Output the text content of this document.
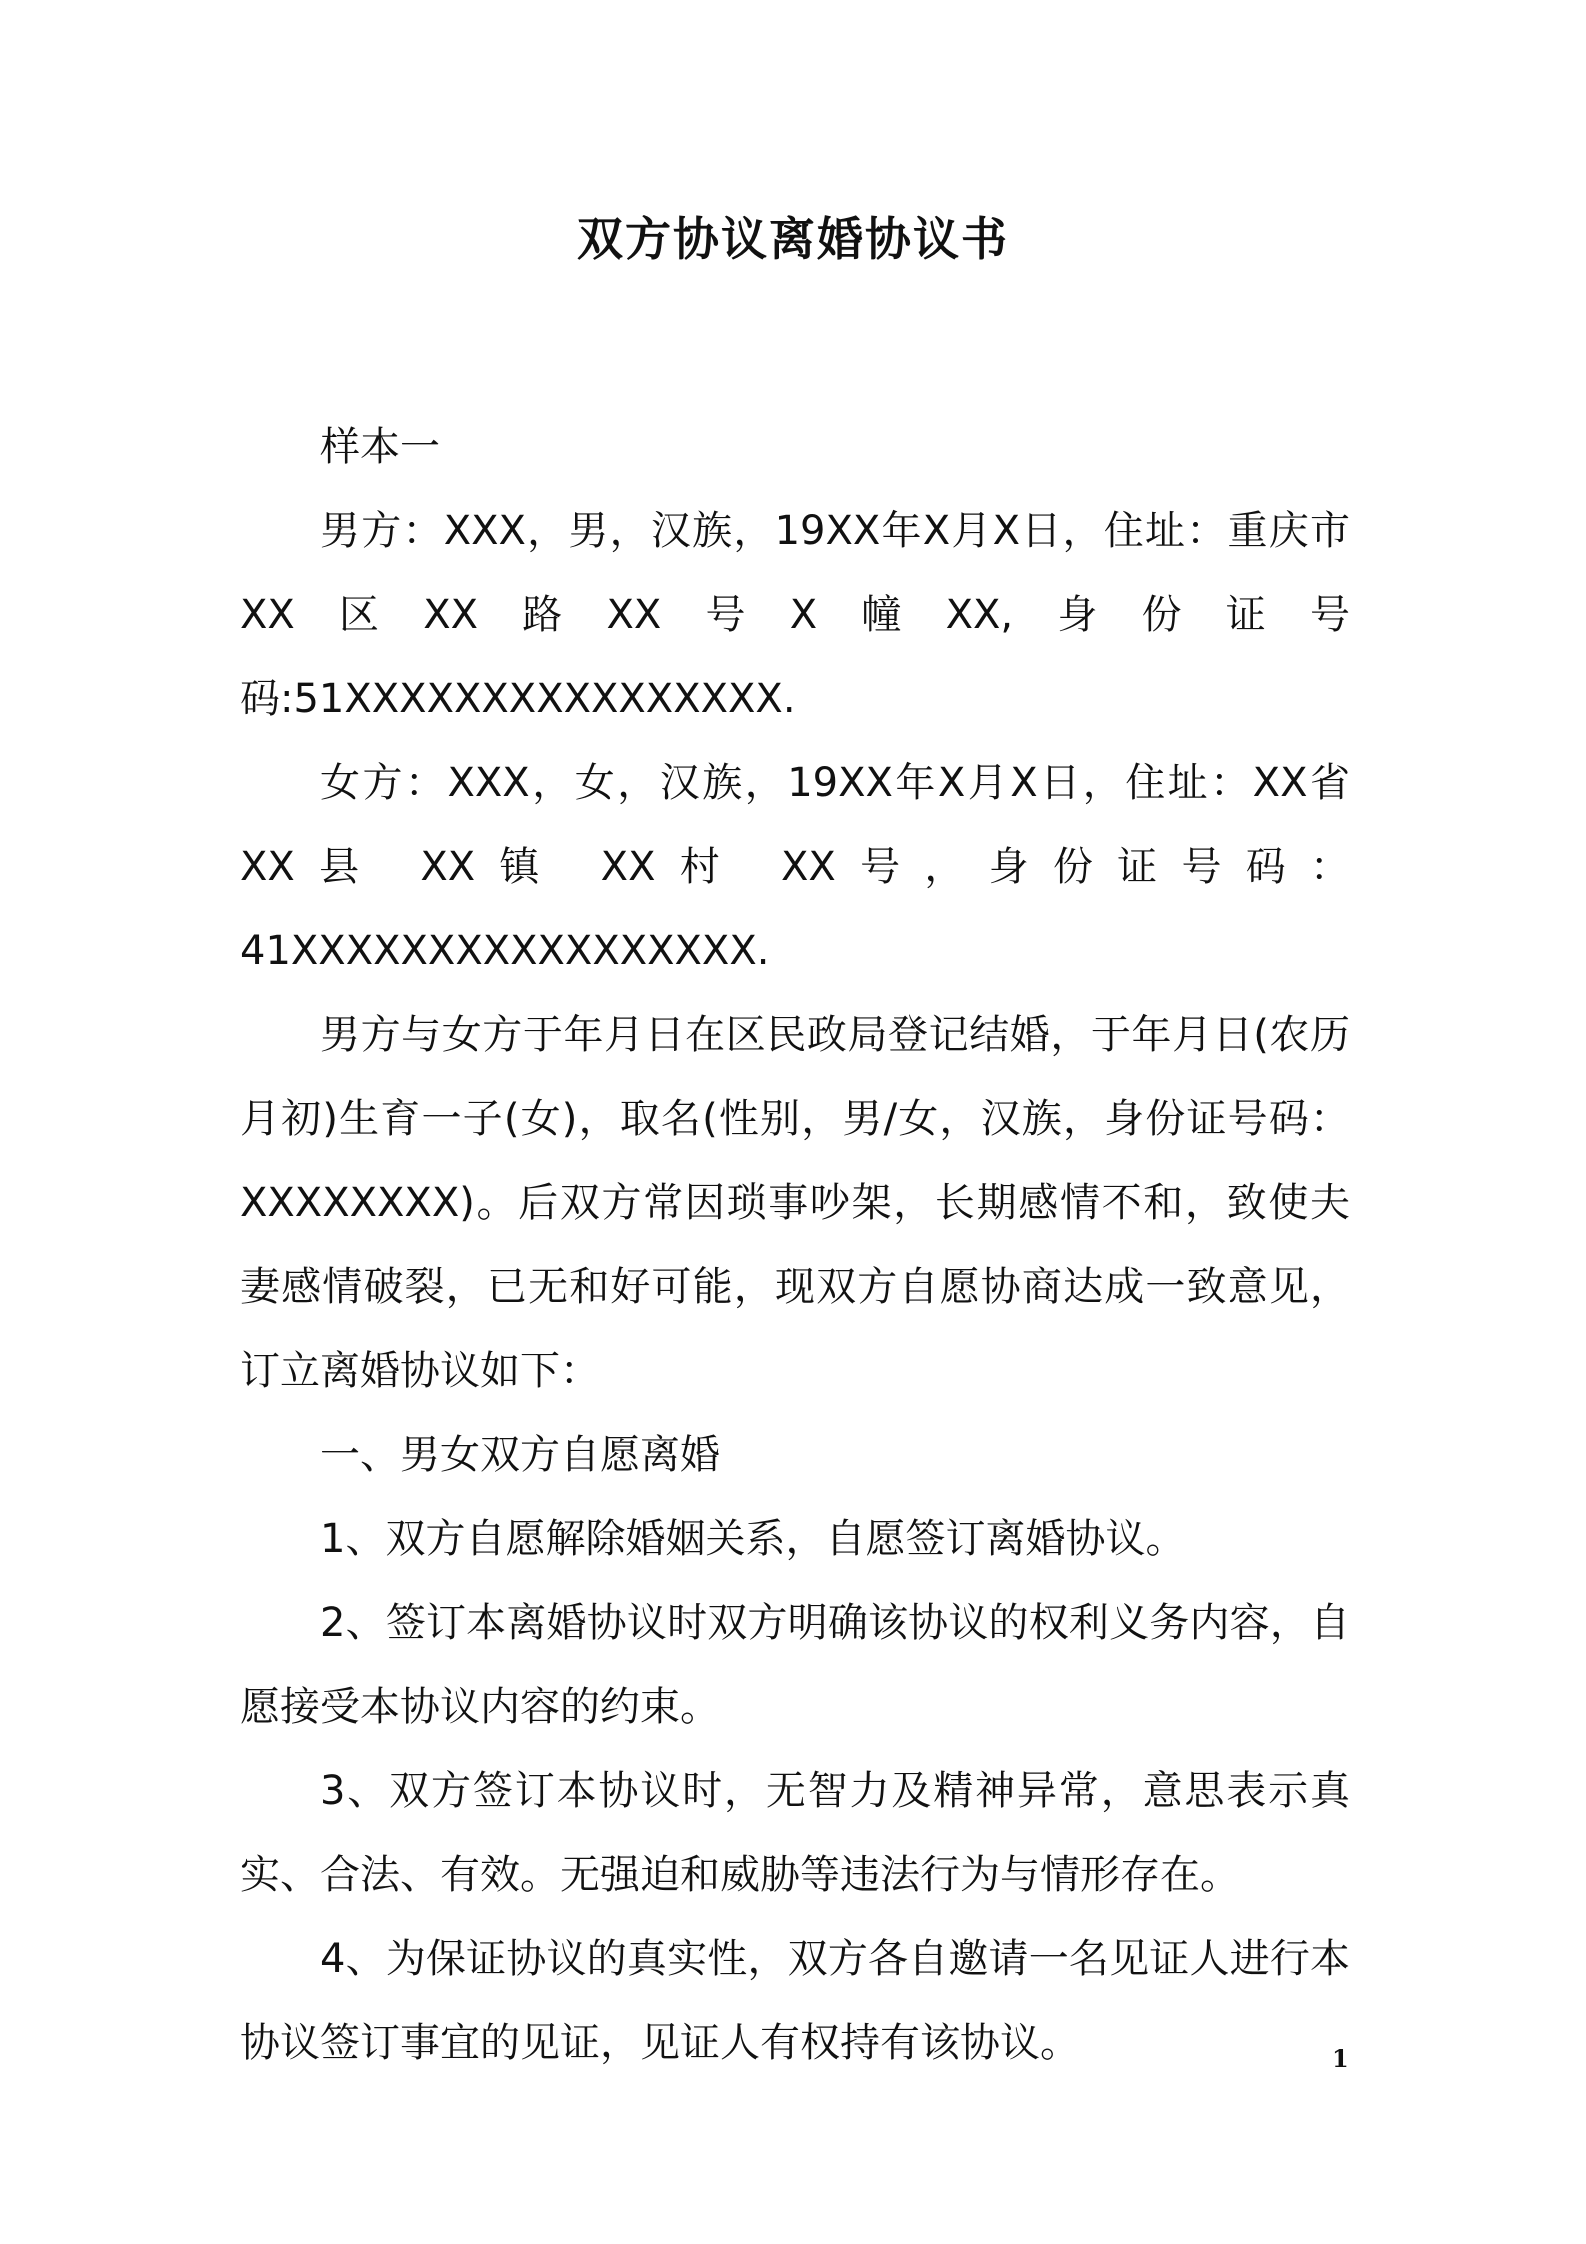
双方协议离婚协议书

样本一

男方：XXX，男，汉族，19XX年X月X日，住址：重庆市XX区XX路XX号X幢XX,身份证号码:51XXXXXXXXXXXXXXXX.

女方：XXX，女，汉族，19XX年X月X日，住址：XX省XX县 XX镇 XX村 XX号，身份证号码：41XXXXXXXXXXXXXXXXX.

男方与女方于年月日在区民政局登记结婚，于年月日(农历月初)生育一子(女)，取名(性别，男/女，汉族，身份证号码：XXXXXXXX)。后双方常因琐事吵架，长期感情不和，致使夫妻感情破裂，已无和好可能，现双方自愿协商达成一致意见，订立离婚协议如下：

一、男女双方自愿离婚

1、双方自愿解除婚姻关系，自愿签订离婚协议。

2、签订本离婚协议时双方明确该协议的权利义务内容，自愿接受本协议内容的约束。

3、双方签订本协议时，无智力及精神异常，意思表示真实、合法、有效。无强迫和威胁等违法行为与情形存在。

4、为保证协议的真实性，双方各自邀请一名见证人进行本协议签订事宜的见证，见证人有权持有该协议。	1
